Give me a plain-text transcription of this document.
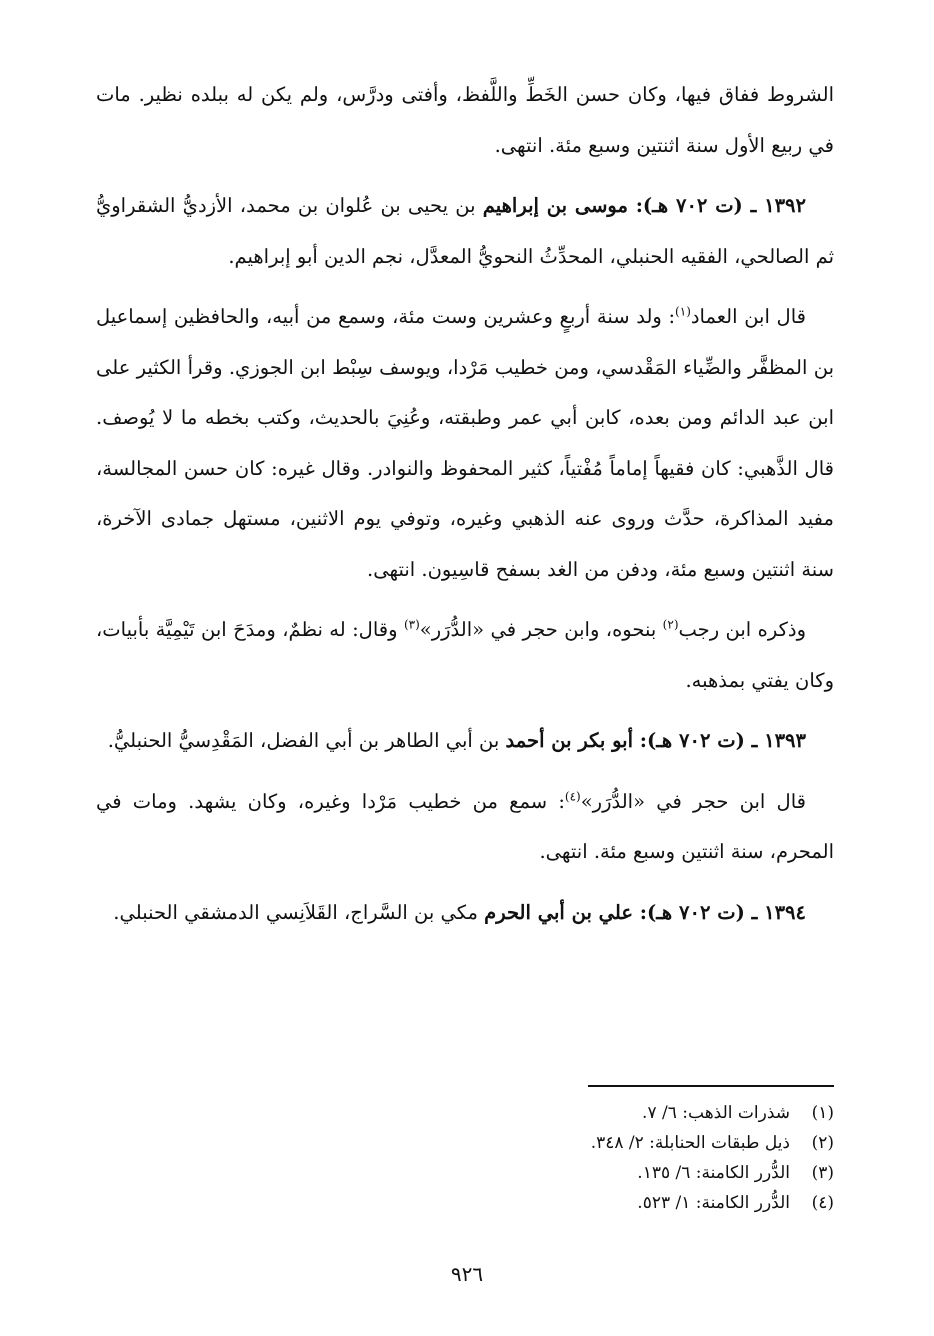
الشروط ففاق فيها، وكان حسن الخَطِّ واللَّفظ، وأفتى ودرَّس، ولم يكن له ببلده نظير. مات في ربيع الأول سنة اثنتين وسبع مئة. انتهى.

١٣٩٢ ـ (ت ٧٠٢ هـ): موسى بن إبراهيم بن يحيى بن عُلوان بن محمد، الأزديُّ الشقراويُّ ثم الصالحي، الفقيه الحنبلي، المحدِّثُ النحويُّ المعدَّل، نجم الدين أبو إبراهيم.

قال ابن العماد$^{(١)}$: ولد سنة أربعٍ وعشرين وست مئة، وسمع من أبيه، والحافظين إسماعيل بن المظفَّر والضِّياء المَقْدسي، ومن خطيب مَرْدا، ويوسف سِبْط ابن الجوزي. وقرأ الكثير على ابن عبد الدائم ومن بعده، كابن أبي عمر وطبقته، وعُنِيَ بالحديث، وكتب بخطه ما لا يُوصف. قال الذَّهبي: كان فقيهاً إماماً مُفْتياً، كثير المحفوظ والنوادر. وقال غيره: كان حسن المجالسة، مفيد المذاكرة، حدَّث وروى عنه الذهبي وغيره، وتوفي يوم الاثنين، مستهل جمادى الآخرة، سنة اثنتين وسبع مئة، ودفن من الغد بسفح قاسِيون. انتهى.

وذكره ابن رجب$^{(٢)}$ بنحوه، وابن حجر في «الدُّرَر»$^{(٣)}$ وقال: له نظمٌ، ومدَحَ ابن تَيْمِيَّة بأبيات، وكان يفتي بمذهبه.

١٣٩٣ ـ (ت ٧٠٢ هـ): أبو بكر بن أحمد بن أبي الطاهر بن أبي الفضل، المَقْدِسيُّ الحنبليُّ.

قال ابن حجر في «الدُّرَر»$^{(٤)}$: سمع من خطيب مَرْدا وغيره، وكان يشهد. ومات في المحرم، سنة اثنتين وسبع مئة. انتهى.

١٣٩٤ ـ (ت ٧٠٢ هـ): علي بن أبي الحرم مكي بن السَّراج، القَلاَنِسي الدمشقي الحنبلي.

(١)
شذرات الذهب: ٦/ ٧.
(٢)
ذيل طبقات الحنابلة: ٢/ ٣٤٨.
(٣)
الدُّرر الكامنة: ٦/ ١٣٥.
(٤)
الدُّرر الكامنة: ١/ ٥٢٣.
٩٢٦
